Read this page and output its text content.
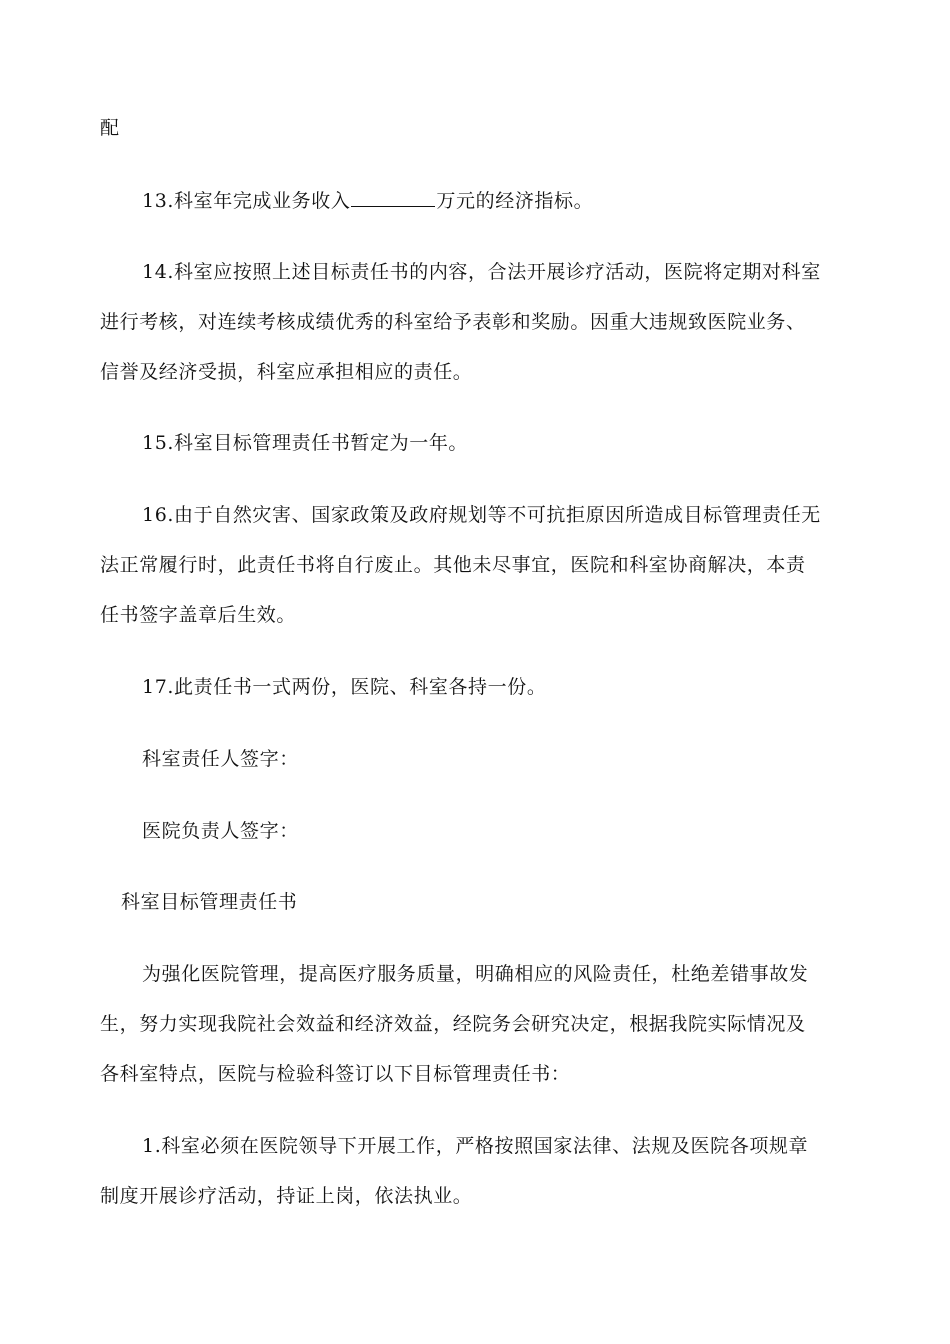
配
13.科室年完成业务收入	万元的经济指标。
14.科室应按照上述目标责任书的内容，合法开展诊疗活动，医院将定期对科室
进行考核，对连续考核成绩优秀的科室给予表彰和奖励。因重大违规致医院业务、
信誉及经济受损，科室应承担相应的责任。
15.科室目标管理责任书暂定为一年。
16.由于自然灾害、国家政策及政府规划等不可抗拒原因所造成目标管理责任无
法正常履行时，此责任书将自行废止。其他未尽事宜，医院和科室协商解决，本责
任书签字盖章后生效。
17.此责任书一式两份，医院、科室各持一份。
科室责任人签字：
医院负责人签字：
科室目标管理责任书
为强化医院管理，提高医疗服务质量，明确相应的风险责任，杜绝差错事故发
生，努力实现我院社会效益和经济效益，经院务会研究决定，根据我院实际情况及
各科室特点，医院与检验科签订以下目标管理责任书：
1.科室必须在医院领导下开展工作，严格按照国家法律、法规及医院各项规章
制度开展诊疗活动，持证上岗，依法执业。
